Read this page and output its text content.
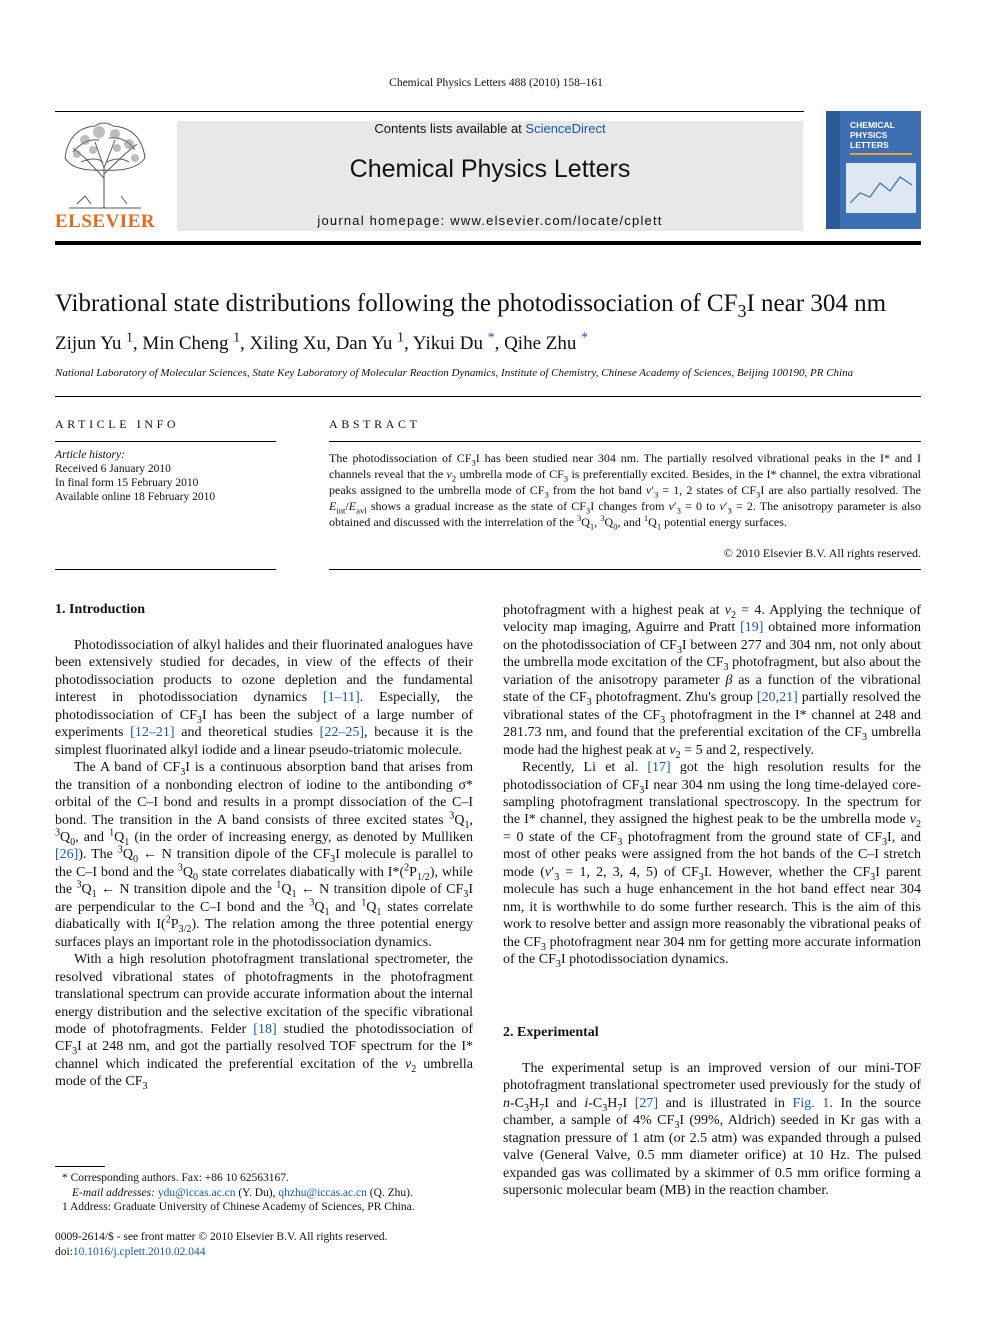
Chemical Physics Letters 488 (2010) 158–161
ELSEVIER
Contents lists available at ScienceDirect
Chemical Physics Letters
journal homepage: www.elsevier.com/locate/cplett
CHEMICAL
PHYSICS
LETTERS
Vibrational state distributions following the photodissociation of $CF_3I$ near 304 nm
Zijun Yu $^1$, Min Cheng $^1$, Xiling Xu, Dan Yu $^1$, Yikui Du *, Qihe Zhu *
National Laboratory of Molecular Sciences, State Key Laboratory of Molecular Reaction Dynamics, Institute of Chemistry, Chinese Academy of Sciences, Beijing 100190, PR China
ARTICLE INFO
Article history:
Received 6 January 2010
In final form 15 February 2010
Available online 18 February 2010
ABSTRACT
The photodissociation of $CF_3I$ has been studied near 304 nm. The partially resolved vibrational peaks in the I* and I channels reveal that the $v_2$ umbrella mode of $CF_3$ is preferentially excited. Besides, in the I* channel, the extra vibrational peaks assigned to the umbrella mode of $CF_3$ from the hot band $v'_3 = 1$, 2 states of $CF_3I$ are also partially resolved. The $E_{int}/E_{avl}$ shows a gradual increase as the state of $CF_3I$ changes from $v'_3 = 0$ to $v'_3 = 2$. The anisotropy parameter is also obtained and discussed with the interrelation of the $^3Q_1$, $^3Q_0$, and $^1Q_1$ potential energy surfaces.
© 2010 Elsevier B.V. All rights reserved.
1. Introduction

Photodissociation of alkyl halides and their fluorinated analogues have been extensively studied for decades, in view of the effects of their photodissociation products to ozone depletion and the fundamental interest in photodissociation dynamics [1–11]. Especially, the photodissociation of $CF_3I$ has been the subject of a large number of experiments [12–21] and theoretical studies [22–25], because it is the simplest fluorinated alkyl iodide and a linear pseudo-triatomic molecule.

The A band of $CF_3I$ is a continuous absorption band that arises from the transition of a nonbonding electron of iodine to the antibonding σ* orbital of the C–I bond and results in a prompt dissociation of the C–I bond. The transition in the A band consists of three excited states $^3Q_1$, $^3Q_0$, and $^1Q_1$ (in the order of increasing energy, as denoted by Mulliken [26]). The $^3Q_0$ ← N transition dipole of the $CF_3I$ molecule is parallel to the C–I bond and the $^3Q_0$ state correlates diabatically with $I*(^2P_{1/2})$, while the $^3Q_1$ ← N transition dipole and the $^1Q_1$ ← N transition dipole of $CF_3I$ are perpendicular to the C–I bond and the $^3Q_1$ and $^1Q_1$ states correlate diabatically with $I(^2P_{3/2})$. The relation among the three potential energy surfaces plays an important role in the photodissociation dynamics.

With a high resolution photofragment translational spectrometer, the resolved vibrational states of photofragments in the photofragment translational spectrum can provide accurate information about the internal energy distribution and the selective excitation of the specific vibrational mode of photofragments. Felder [18] studied the photodissociation of $CF_3I$ at 248 nm, and got the partially resolved TOF spectrum for the I* channel which indicated the preferential excitation of the $v_2$ umbrella mode of the $CF_3$

* Corresponding authors. Fax: +86 10 62563167.
E-mail addresses: ydu@iccas.ac.cn (Y. Du), qhzhu@iccas.ac.cn (Q. Zhu).
1 Address: Graduate University of Chinese Academy of Sciences, PR China.
0009-2614/$ - see front matter © 2010 Elsevier B.V. All rights reserved.
doi:10.1016/j.cplett.2010.02.044

photofragment with a highest peak at $v_2 = 4$. Applying the technique of velocity map imaging, Aguirre and Pratt [19] obtained more information on the photodissociation of $CF_3I$ between 277 and 304 nm, not only about the umbrella mode excitation of the $CF_3$ photofragment, but also about the variation of the anisotropy parameter β as a function of the vibrational state of the $CF_3$ photofragment. Zhu's group [20,21] partially resolved the vibrational states of the $CF_3$ photofragment in the I* channel at 248 and 281.73 nm, and found that the preferential excitation of the $CF_3$ umbrella mode had the highest peak at $v_2 = 5$ and 2, respectively.

Recently, Li et al. [17] got the high resolution results for the photodissociation of $CF_3I$ near 304 nm using the long time-delayed core-sampling photofragment translational spectroscopy. In the spectrum for the I* channel, they assigned the highest peak to be the umbrella mode $v_2 = 0$ state of the $CF_3$ photofragment from the ground state of $CF_3I$, and most of other peaks were assigned from the hot bands of the C–I stretch mode ($v'_3 = 1$, 2, 3, 4, 5) of $CF_3I$. However, whether the $CF_3I$ parent molecule has such a huge enhancement in the hot band effect near 304 nm, it is worthwhile to do some further research. This is the aim of this work to resolve better and assign more reasonably the vibrational peaks of the $CF_3$ photofragment near 304 nm for getting more accurate information of the $CF_3I$ photodissociation dynamics.

2. Experimental

The experimental setup is an improved version of our mini-TOF photofragment translational spectrometer used previously for the study of $n-C_3H_7I$ and $i-C_3H_7I$ [27] and is illustrated in Fig. 1. In the source chamber, a sample of 4% $CF_3I$ (99%, Aldrich) seeded in Kr gas with a stagnation pressure of 1 atm (or 2.5 atm) was expanded through a pulsed valve (General Valve, 0.5 mm diameter orifice) at 10 Hz. The pulsed expanded gas was collimated by a skimmer of 0.5 mm orifice forming a supersonic molecular beam (MB) in the reaction chamber.
